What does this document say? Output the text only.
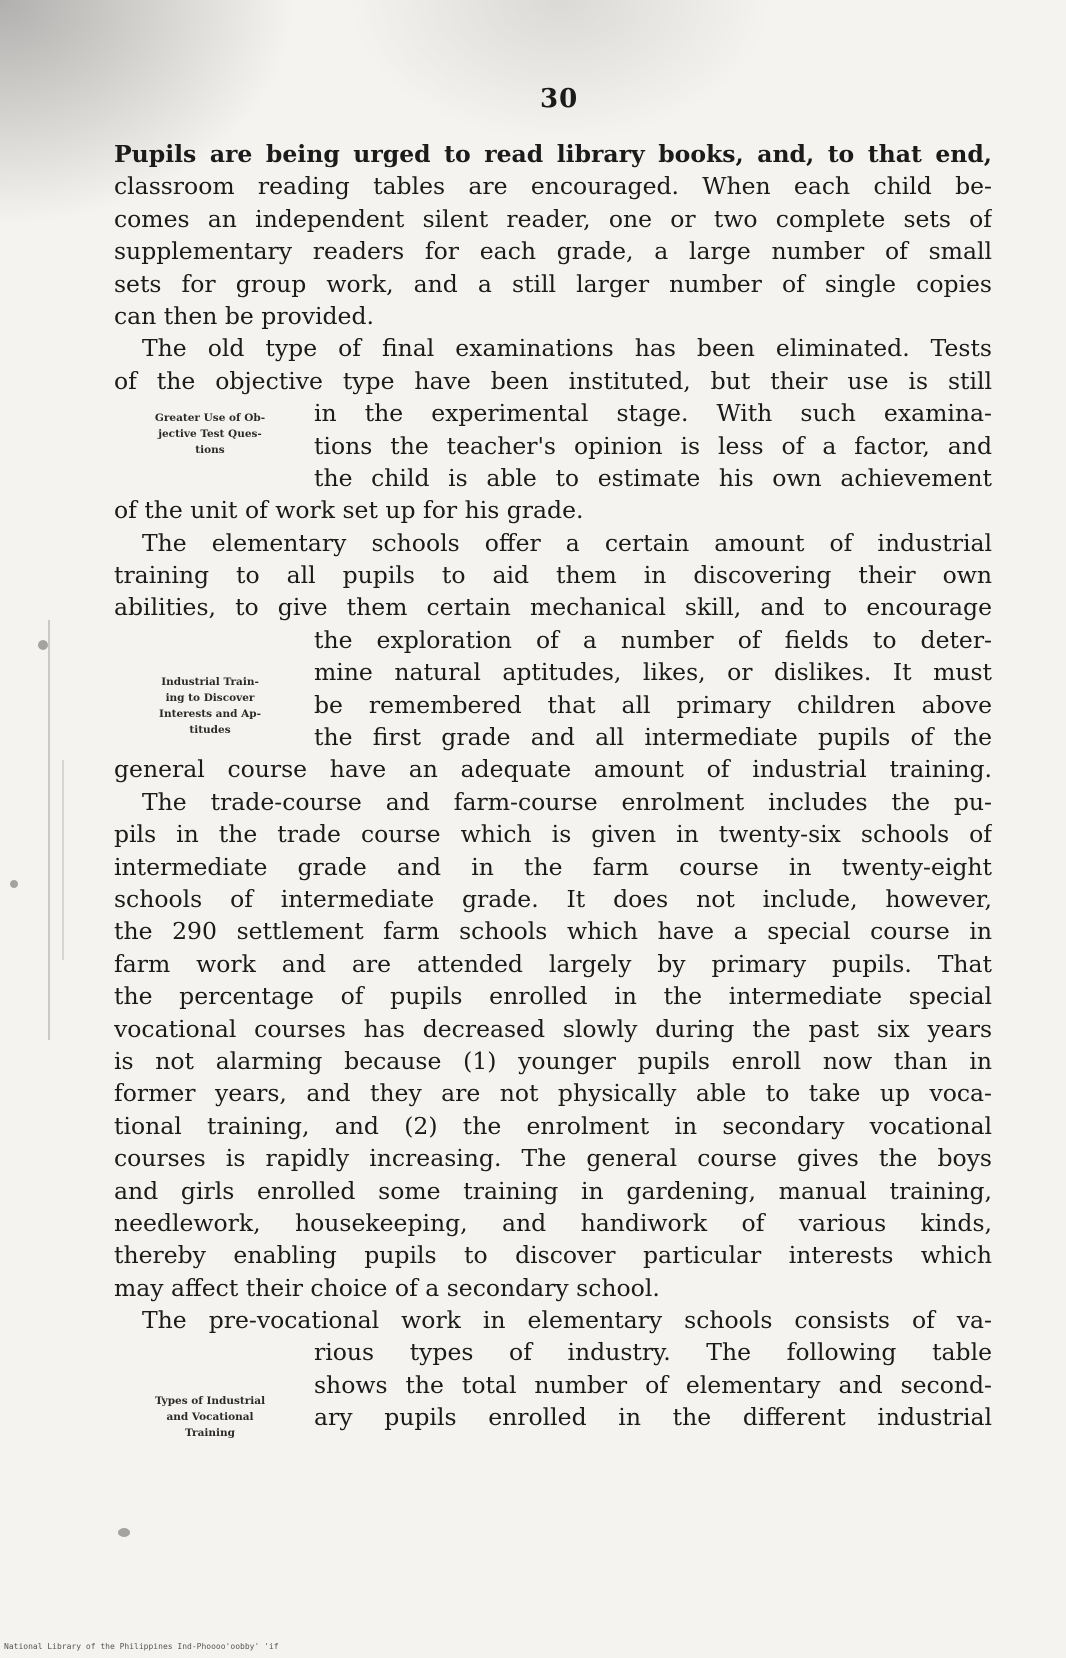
30
Pupils are being urged to read library books, and, to that end,
classroom reading tables are encouraged. When each child be-
comes an independent silent reader, one or two complete sets of
supplementary readers for each grade, a large number of small
sets for group work, and a still larger number of single copies
can then be provided.
The old type of final examinations has been eliminated. Tests
of the objective type have been instituted, but their use is still
in the experimental stage. With such examina-
tions the teacher's opinion is less of a factor, and
the child is able to estimate his own achievement
of the unit of work set up for his grade.
The elementary schools offer a certain amount of industrial
training to all pupils to aid them in discovering their own
abilities, to give them certain mechanical skill, and to encourage
the exploration of a number of fields to deter-
mine natural aptitudes, likes, or dislikes. It must
be remembered that all primary children above
the first grade and all intermediate pupils of the
general course have an adequate amount of industrial training.
The trade-course and farm-course enrolment includes the pu-
pils in the trade course which is given in twenty-six schools of
intermediate grade and in the farm course in twenty-eight
schools of intermediate grade. It does not include, however,
the 290 settlement farm schools which have a special course in
farm work and are attended largely by primary pupils. That
the percentage of pupils enrolled in the intermediate special
vocational courses has decreased slowly during the past six years
is not alarming because (1) younger pupils enroll now than in
former years, and they are not physically able to take up voca-
tional training, and (2) the enrolment in secondary vocational
courses is rapidly increasing. The general course gives the boys
and girls enrolled some training in gardening, manual training,
needlework, housekeeping, and handiwork of various kinds,
thereby enabling pupils to discover particular interests which
may affect their choice of a secondary school.
The pre-vocational work in elementary schools consists of va-
rious types of industry. The following table
shows the total number of elementary and second-
ary pupils enrolled in the different industrial
Greater Use of Ob-
jective Test Ques-
tions
Industrial Train-
ing to Discover
Interests and Ap-
titudes
Types of Industrial
and Vocational
Training
National Library of the Philippines Ind-Phoooo'oobby' 'if
